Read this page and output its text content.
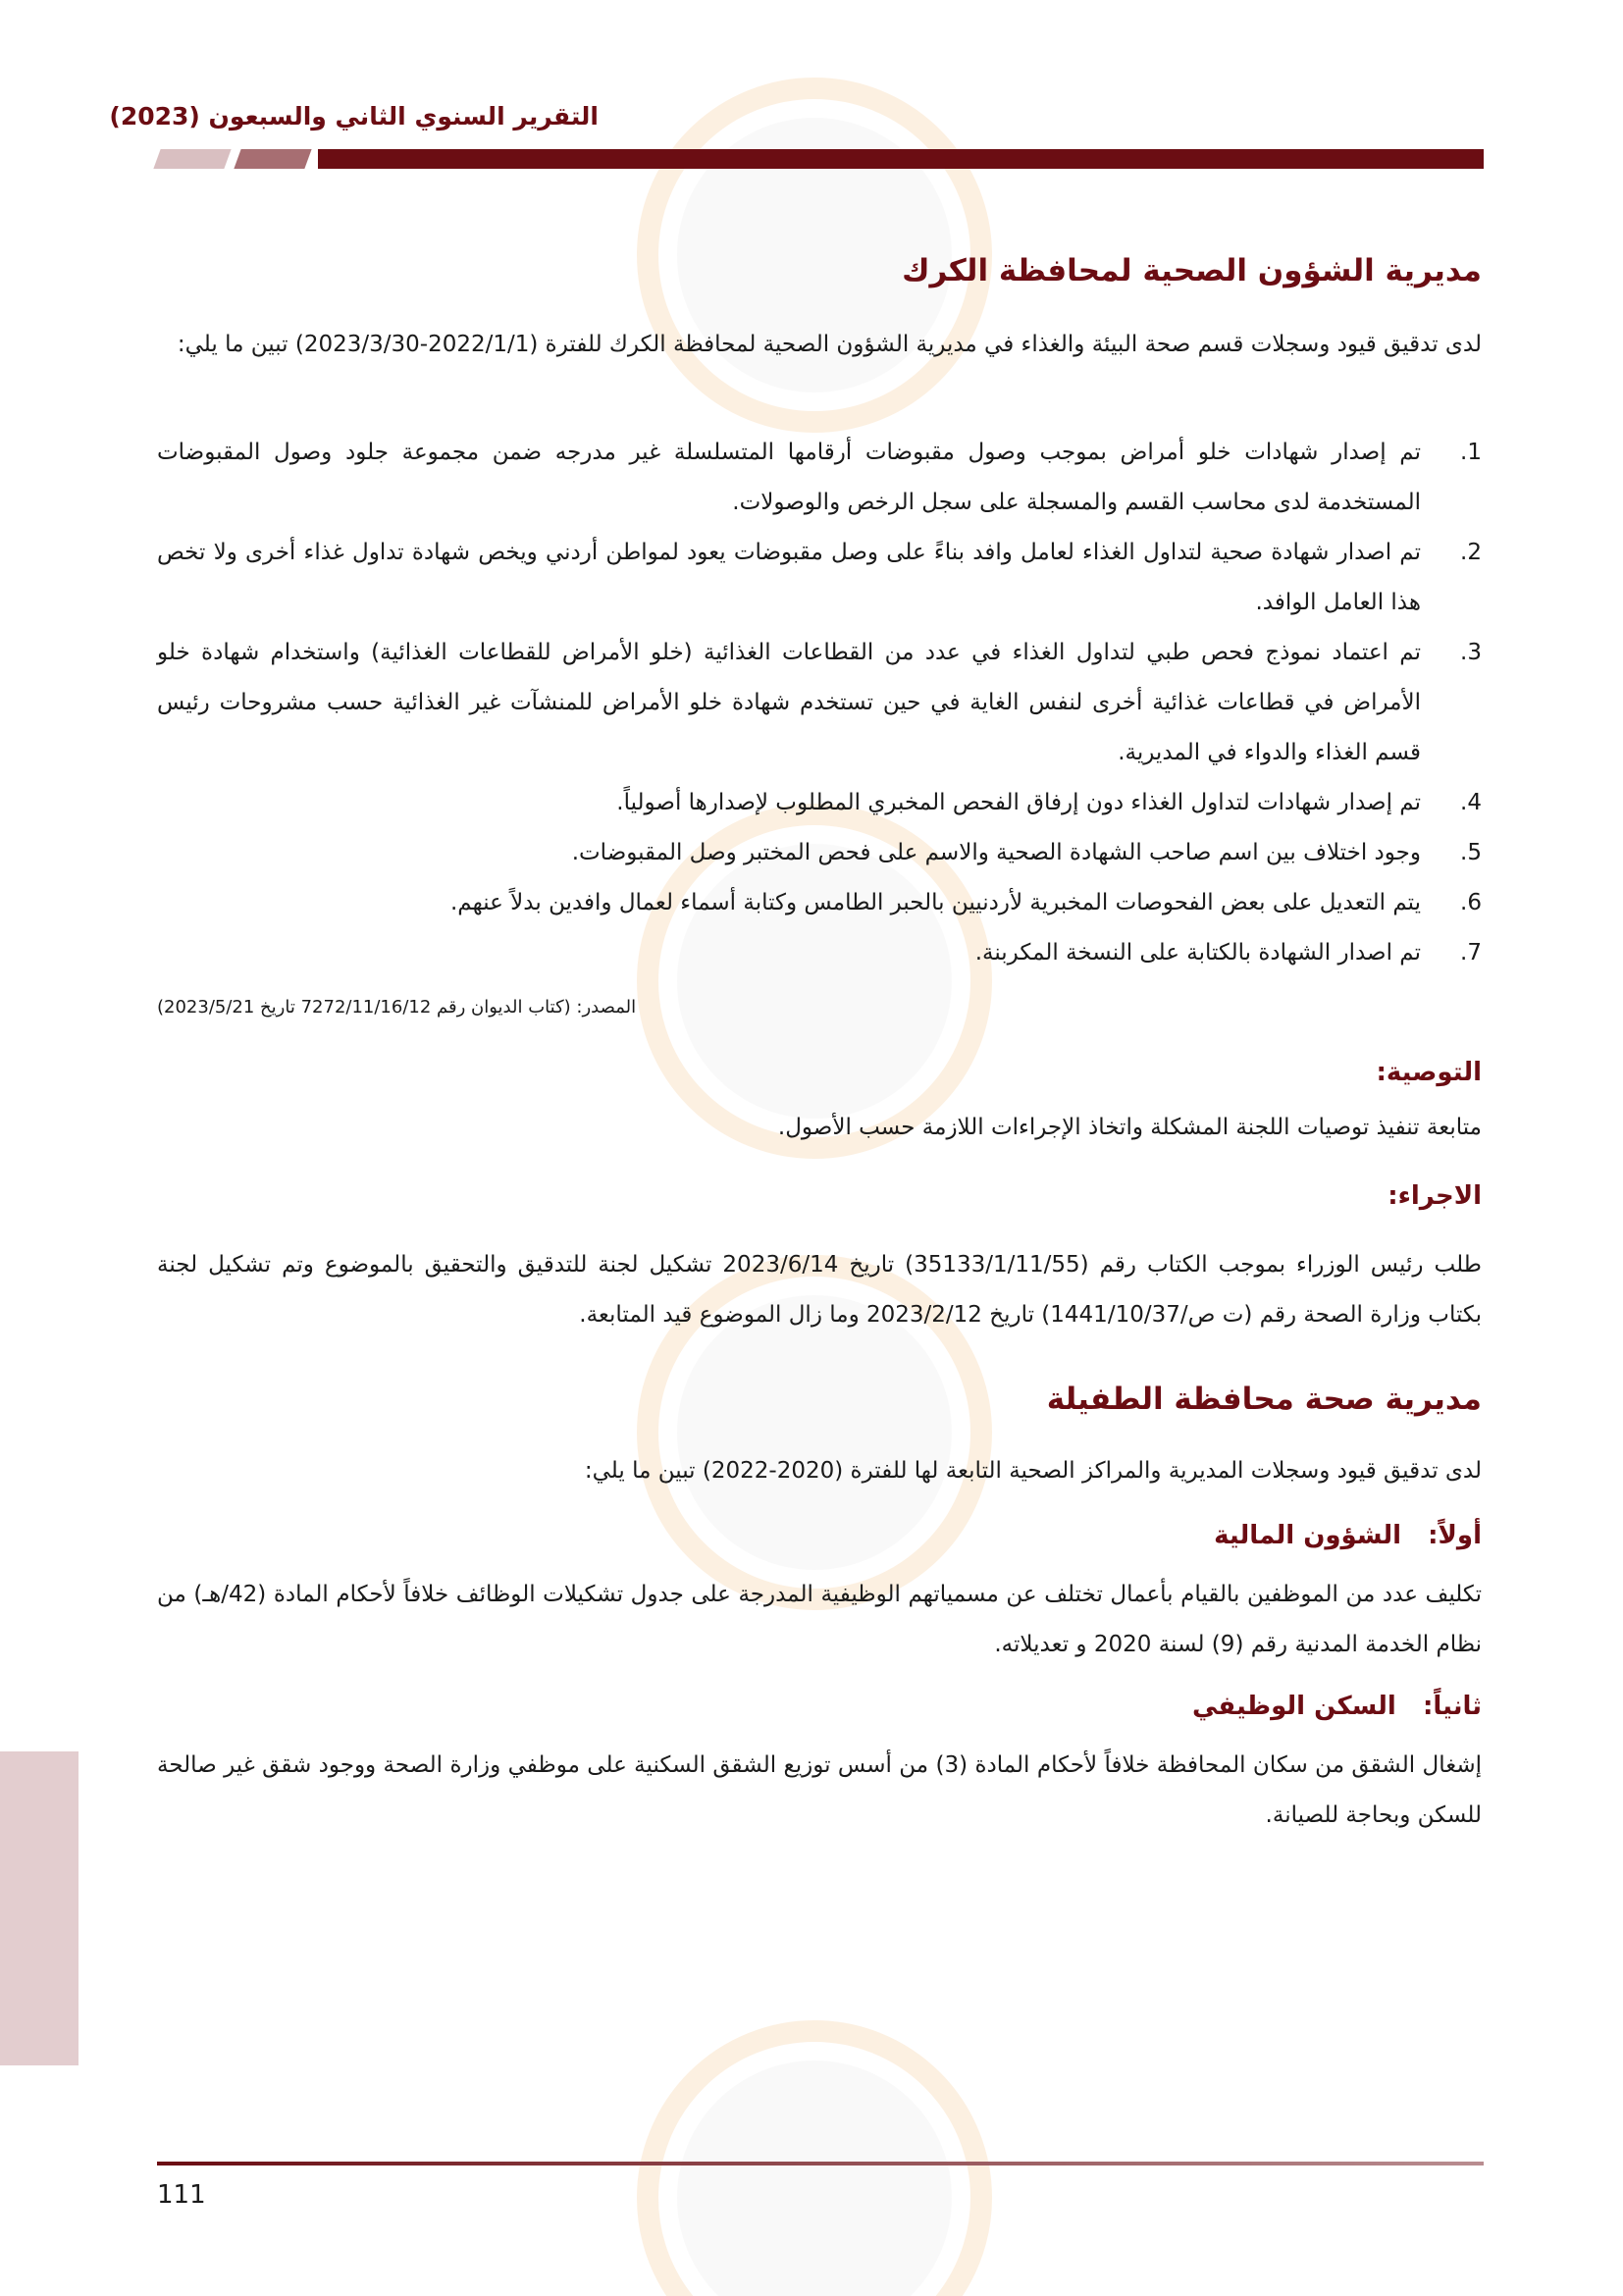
التقرير السنوي الثاني والسبعون (2023)
مديرية الشؤون الصحية لمحافظة الكرك
لدى تدقيق قيود وسجلات قسم صحة البيئة والغذاء في مديرية الشؤون الصحية لمحافظة الكرك للفترة (2022/1/1-2023/3/30) تبين ما يلي:
1.
تم إصدار شهادات خلو أمراض بموجب وصول مقبوضات أرقامها المتسلسلة غير مدرجه ضمن مجموعة جلود وصول المقبوضات المستخدمة لدى محاسب القسم والمسجلة على سجل الرخص والوصولات.
2.
تم اصدار شهادة صحية لتداول الغذاء لعامل وافد بناءً على وصل مقبوضات يعود لمواطن أردني ويخص شهادة تداول غذاء أخرى ولا تخص هذا العامل الوافد.
3.
تم اعتماد نموذج فحص طبي لتداول الغذاء في عدد من القطاعات الغذائية (خلو الأمراض للقطاعات الغذائية) واستخدام شهادة خلو الأمراض في قطاعات غذائية أخرى لنفس الغاية في حين تستخدم شهادة خلو الأمراض للمنشآت غير الغذائية حسب مشروحات رئيس قسم الغذاء والدواء في المديرية.
4.
تم إصدار شهادات لتداول الغذاء دون إرفاق الفحص المخبري المطلوب لإصدارها أصولياً.
5.
وجود اختلاف بين اسم صاحب الشهادة الصحية والاسم على فحص المختبر وصل المقبوضات.
6.
يتم التعديل على بعض الفحوصات المخبرية لأردنيين بالحبر الطامس وكتابة أسماء لعمال وافدين بدلاً عنهم.
7.
تم اصدار الشهادة بالكتابة على النسخة المكربنة.
المصدر: (كتاب الديوان رقم 7272/11/16/12 تاريخ 2023/5/21)
التوصية:
متابعة تنفيذ توصيات اللجنة المشكلة واتخاذ الإجراءات اللازمة حسب الأصول.
الاجراء:
طلب رئيس الوزراء بموجب الكتاب رقم (35133/1/11/55) تاريخ 2023/6/14 تشكيل لجنة للتدقيق والتحقيق بالموضوع وتم تشكيل لجنة بكتاب وزارة الصحة رقم (ت ص/1441/10/37) تاريخ 2023/2/12 وما زال الموضوع قيد المتابعة.
مديرية صحة محافظة الطفيلة
لدى تدقيق قيود وسجلات المديرية والمراكز الصحية التابعة لها للفترة (2020-2022) تبين ما يلي:
أولاً:   الشؤون المالية
تكليف عدد من الموظفين بالقيام بأعمال تختلف عن مسمياتهم الوظيفية المدرجة على جدول تشكيلات الوظائف خلافاً لأحكام المادة (42/هـ) من نظام الخدمة المدنية رقم (9) لسنة 2020 و تعديلاته.
ثانياً:   السكن الوظيفي
إشغال الشقق من سكان المحافظة خلافاً لأحكام المادة (3) من أسس توزيع الشقق السكنية على موظفي وزارة الصحة ووجود شقق غير صالحة للسكن وبحاجة للصيانة.
111
